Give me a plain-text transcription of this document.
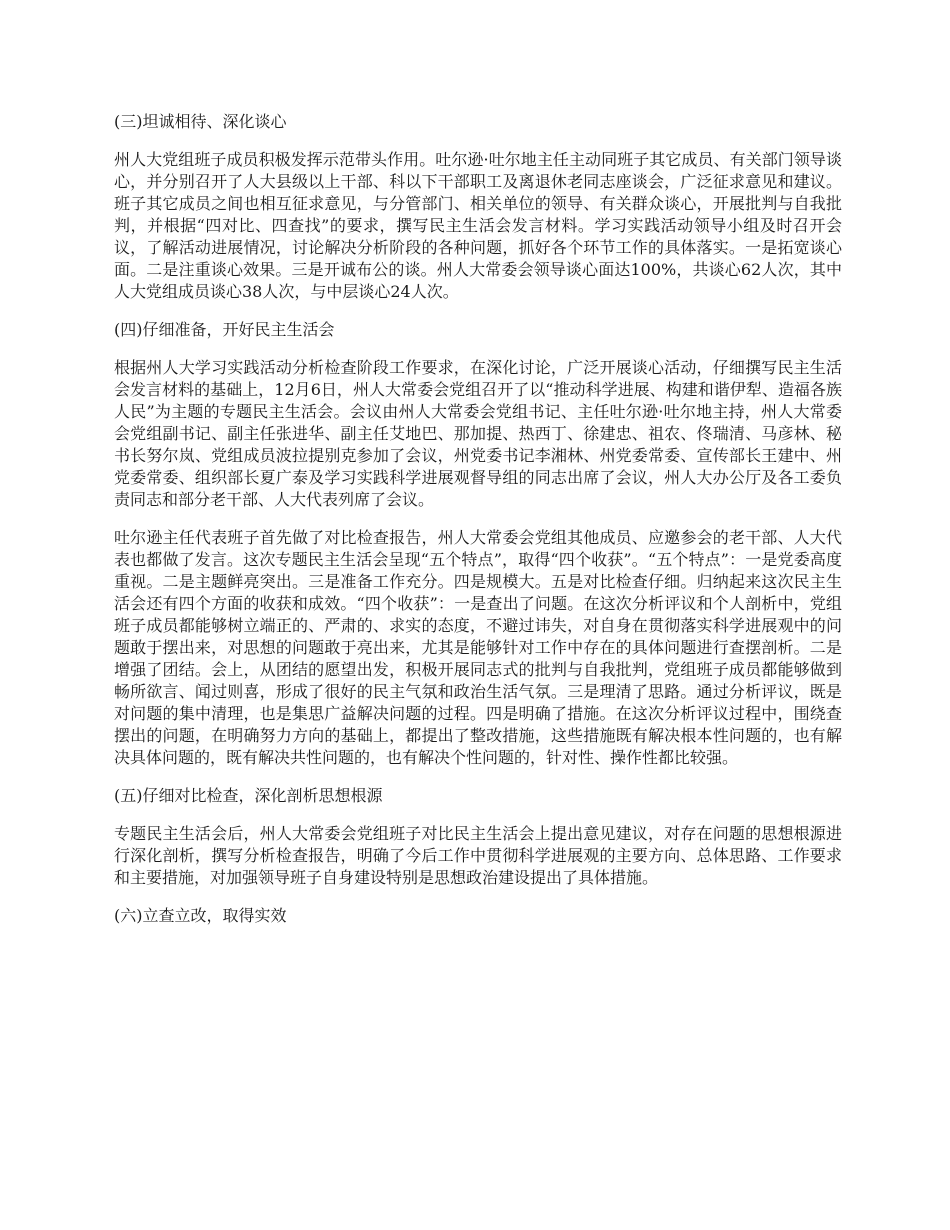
(三)坦诚相待、深化谈心
州人大党组班子成员积极发挥示范带头作用。吐尔逊·吐尔地主任主动同班子其它成员、有关部门领导谈心，并分别召开了人大县级以上干部、科以下干部职工及离退休老同志座谈会，广泛征求意见和建议。班子其它成员之间也相互征求意见，与分管部门、相关单位的领导、有关群众谈心，开展批判与自我批判，并根据“四对比、四查找”的要求，撰写民主生活会发言材料。学习实践活动领导小组及时召开会议，了解活动进展情况，讨论解决分析阶段的各种问题，抓好各个环节工作的具体落实。一是拓宽谈心面。二是注重谈心效果。三是开诚布公的谈。州人大常委会领导谈心面达100%，共谈心62人次，其中人大党组成员谈心38人次，与中层谈心24人次。
(四)仔细准备，开好民主生活会
根据州人大学习实践活动分析检查阶段工作要求，在深化讨论，广泛开展谈心活动，仔细撰写民主生活会发言材料的基础上，12月6日，州人大常委会党组召开了以“推动科学进展、构建和谐伊犁、造福各族人民”为主题的专题民主生活会。会议由州人大常委会党组书记、主任吐尔逊·吐尔地主持，州人大常委会党组副书记、副主任张进华、副主任艾地巴、那加提、热西丁、徐建忠、祖农、佟瑞清、马彦林、秘书长努尔岚、党组成员波拉提别克参加了会议，州党委书记李湘林、州党委常委、宣传部长王建中、州党委常委、组织部长夏广泰及学习实践科学进展观督导组的同志出席了会议，州人大办公厅及各工委负责同志和部分老干部、人大代表列席了会议。
吐尔逊主任代表班子首先做了对比检查报告，州人大常委会党组其他成员、应邀参会的老干部、人大代表也都做了发言。这次专题民主生活会呈现“五个特点”，取得“四个收获”。“五个特点”：一是党委高度重视。二是主题鲜亮突出。三是准备工作充分。四是规模大。五是对比检查仔细。归纳起来这次民主生活会还有四个方面的收获和成效。“四个收获”：一是查出了问题。在这次分析评议和个人剖析中，党组班子成员都能够树立端正的、严肃的、求实的态度，不避过讳失，对自身在贯彻落实科学进展观中的问题敢于摆出来，对思想的问题敢于亮出来，尤其是能够针对工作中存在的具体问题进行查摆剖析。二是增强了团结。会上，从团结的愿望出发，积极开展同志式的批判与自我批判，党组班子成员都能够做到畅所欲言、闻过则喜，形成了很好的民主气氛和政治生活气氛。三是理清了思路。通过分析评议，既是对问题的集中清理，也是集思广益解决问题的过程。四是明确了措施。在这次分析评议过程中，围绕查摆出的问题，在明确努力方向的基础上，都提出了整改措施，这些措施既有解决根本性问题的，也有解决具体问题的，既有解决共性问题的，也有解决个性问题的，针对性、操作性都比较强。
(五)仔细对比检查，深化剖析思想根源
专题民主生活会后，州人大常委会党组班子对比民主生活会上提出意见建议，对存在问题的思想根源进行深化剖析，撰写分析检查报告，明确了今后工作中贯彻科学进展观的主要方向、总体思路、工作要求和主要措施，对加强领导班子自身建设特别是思想政治建设提出了具体措施。
(六)立查立改，取得实效
